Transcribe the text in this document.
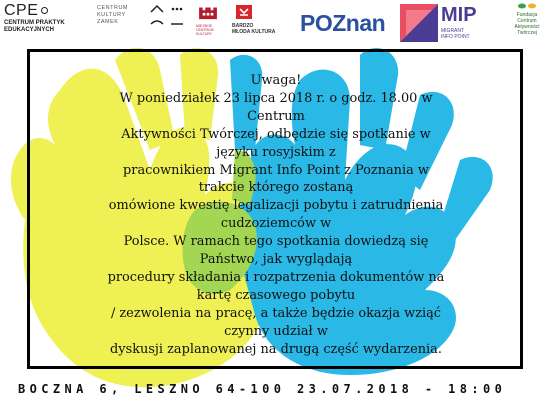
CPE
CENTRUM PRAKTYK
EDUKACYJNYCH
CENTRUM
KULTURY
ZAMEK
MIEJSKIE
CENTRUM
KULTURY
BARDZO
MŁODA KULTURA POZnan	MIP
MIGRANT
INFO POINT
Fundacja
Centrum
Aktywności
Twórczej
Uwaga!
W poniedziałek 23 lipca 2018 r. o godz. 18.00 w
Centrum
Aktywności Twórczej, odbędzie się spotkanie w
języku rosyjskim z
pracownikiem Migrant Info Point z Poznania w
trakcie którego zostaną
omówione kwestię legalizacji pobytu i zatrudnienia
cudzoziemców w
Polsce. W ramach tego spotkania dowiedzą się
Państwo, jak wyglądają
procedury składania i rozpatrzenia dokumentów na
kartę czasowego pobytu
/ zezwolenia na pracę, a także będzie okazja wziąć
czynny udział w
dyskusji zaplanowanej na drugą część wydarzenia.
BOCZNA 6, LESZNO 64-100 23.07.2018 - 18:00
